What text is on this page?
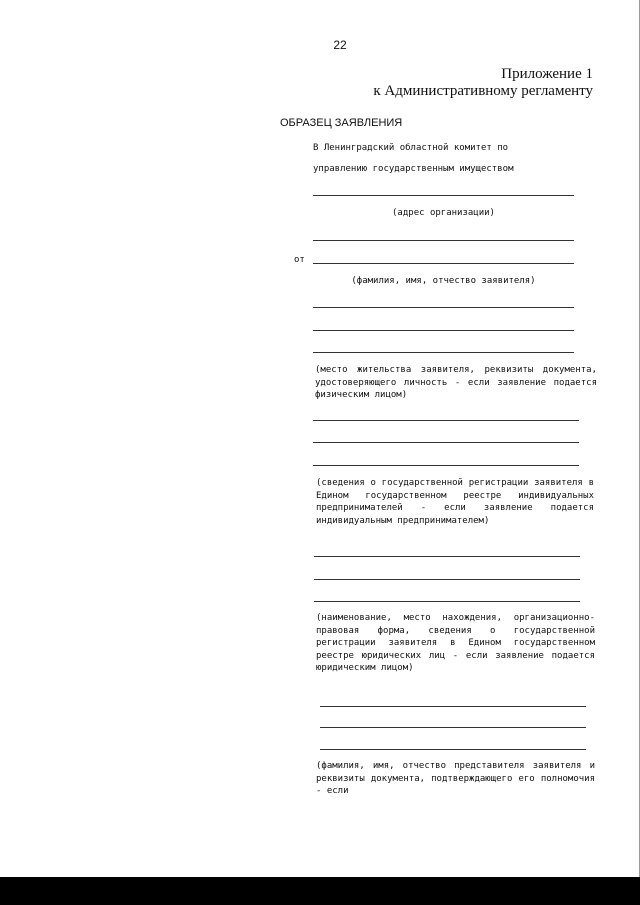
22
Приложение 1
к Административному регламенту
ОБРАЗЕЦ ЗАЯВЛЕНИЯ
В Ленинградский областной комитет по
управлению государственным имуществом
(адрес организации)
от
(фамилия, имя, отчество заявителя)
(место жительства заявителя, реквизиты документа, удостоверяющего личность - если заявление подается физическим лицом)
(сведения о государственной регистрации заявителя в Едином государственном реестре индивидуальных предпринимателей - если заявление подается индивидуальным предпринимателем)
(наименование, место нахождения, организационно-правовая форма, сведения о государственной регистрации заявителя в Едином государственном реестре юридических лиц - если заявление подается юридическим лицом)
(фамилия, имя, отчество представителя заявителя и реквизиты документа, подтверждающего его полномочия - если
